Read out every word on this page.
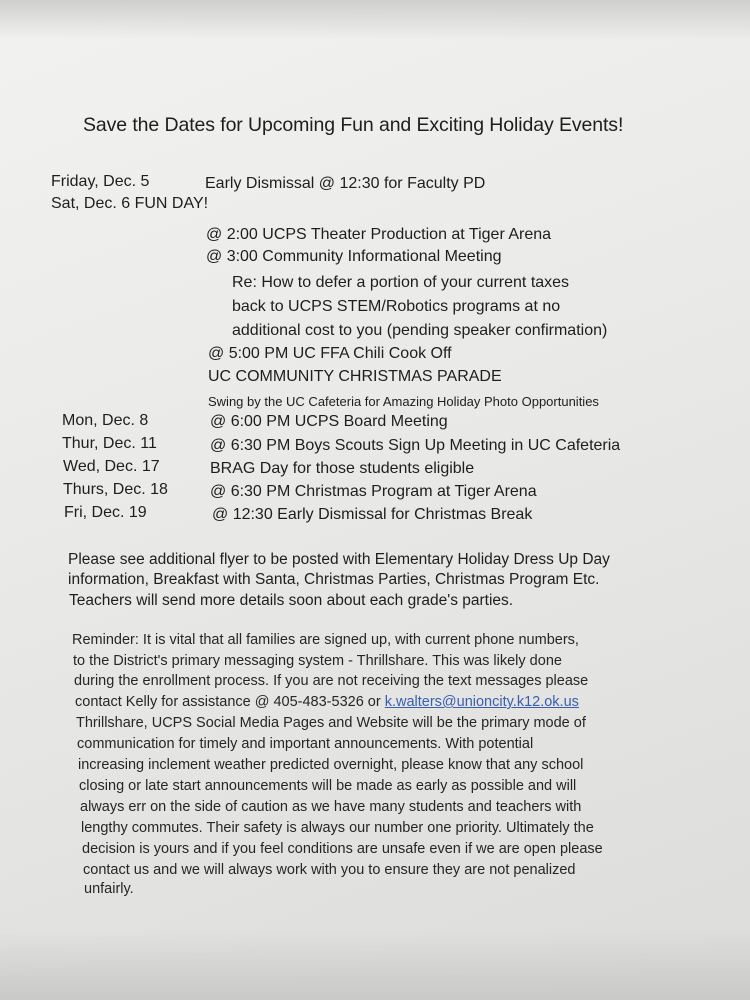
Save the Dates for Upcoming Fun and Exciting Holiday Events!
Friday, Dec. 5	Early Dismissal @ 12:30 for Faculty PD
Sat, Dec. 6 FUN DAY!
@ 2:00 UCPS Theater Production at Tiger Arena
@ 3:00 Community Informational Meeting
Re: How to defer a portion of your current taxes
back to UCPS STEM/Robotics programs at no
additional cost to you (pending speaker confirmation)
@ 5:00 PM UC FFA Chili Cook Off
UC COMMUNITY CHRISTMAS PARADE
Swing by the UC Cafeteria for Amazing Holiday Photo Opportunities
Mon, Dec. 8	@ 6:00 PM UCPS Board Meeting
Thur, Dec. 11	@ 6:30 PM Boys Scouts Sign Up Meeting in UC Cafeteria
Wed, Dec. 17	BRAG Day for those students eligible
Thurs, Dec. 18	@ 6:30 PM Christmas Program at Tiger Arena
Fri, Dec. 19	@ 12:30 Early Dismissal for Christmas Break
Please see additional flyer to be posted with Elementary Holiday Dress Up Day
information, Breakfast with Santa, Christmas Parties, Christmas Program Etc.
Teachers will send more details soon about each grade's parties.
Reminder: It is vital that all families are signed up, with current phone numbers,
to the District's primary messaging system - Thrillshare. This was likely done
during the enrollment process. If you are not receiving the text messages please
contact Kelly for assistance @ 405-483-5326 or k.walters@unioncity.k12.ok.us
Thrillshare, UCPS Social Media Pages and Website will be the primary mode of
communication for timely and important announcements. With potential
increasing inclement weather predicted overnight, please know that any school
closing or late start announcements will be made as early as possible and will
always err on the side of caution as we have many students and teachers with
lengthy commutes. Their safety is always our number one priority. Ultimately the
decision is yours and if you feel conditions are unsafe even if we are open please
contact us and we will always work with you to ensure they are not penalized
unfairly.
